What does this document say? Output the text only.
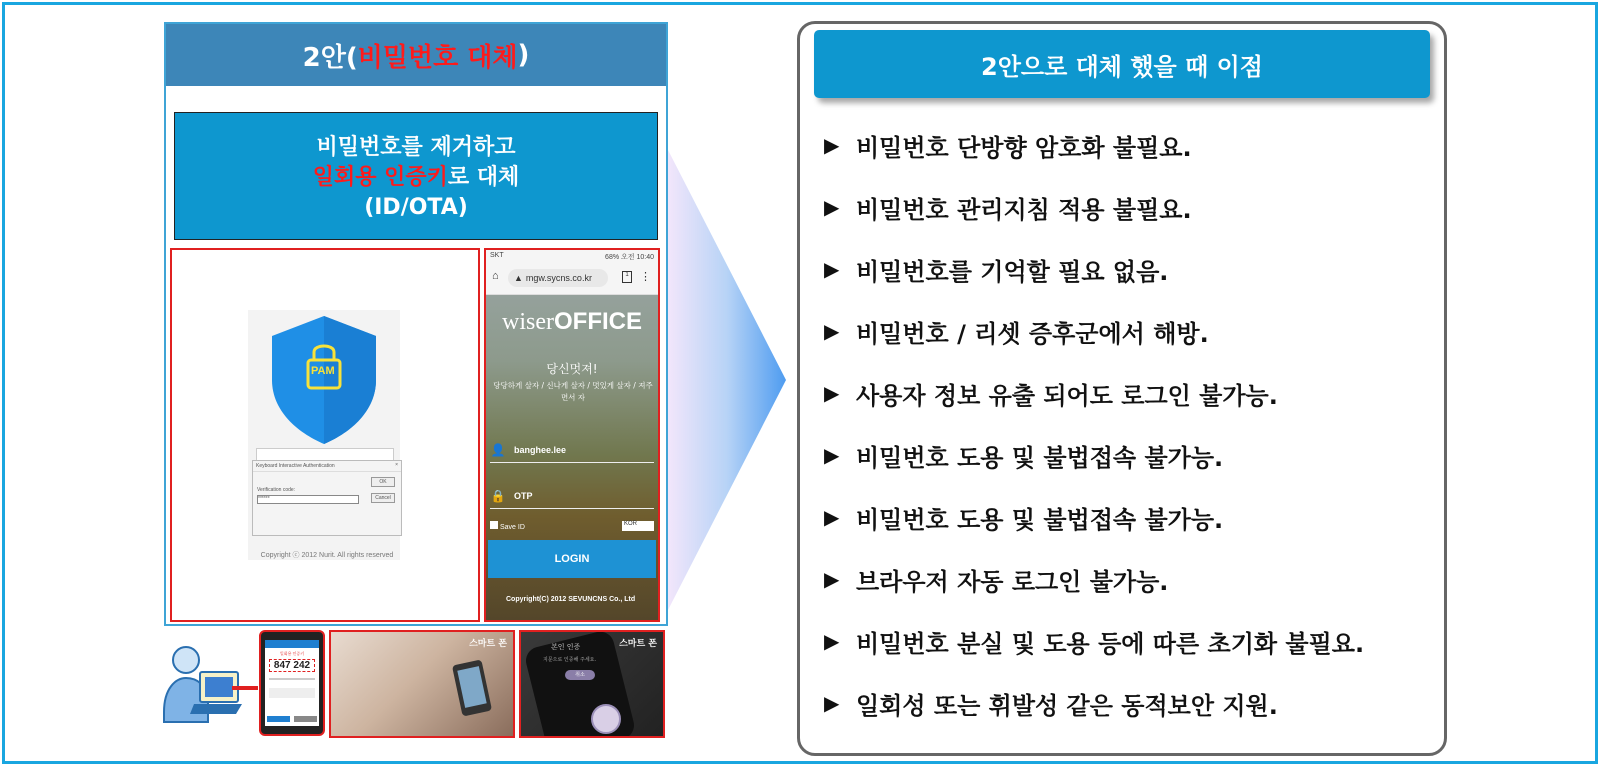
2안( 비밀번호 대체 )
비밀번호를 제거하고
일회용 인증키로 대체
(ID/OTA)
PAM
Keyboard Interactive Authentication	×
Verification code:
******
OK
Cancel
Copyright ⓒ 2012 Nurit. All rights reserved
SKT	68% 오전 10:40
⌂ ▲ mgw.sycns.co.kr	1	⋮
wiserOFFICE
당신멋져!
당당하게 살자 / 신나게 살자 / 멋있게 살자 / 져주면서 자
👤 banghee.lee
🔒 OTP
Save ID	KOR
LOGIN
Copyright(C) 2012 SEVUNCNS Co., Ltd
일회용 인증키
847 242
스마트 폰	본인 인증
지문으로 인증해 주세요.
취소
스마트 폰
2안으로 대체 했을 때 이점
▶ 비밀번호 단방향 암호화 불필요.
▶ 비밀번호 관리지침 적용 불필요.
▶ 비밀번호를 기억할 필요 없음.
▶ 비밀번호 / 리셋 증후군에서 해방.
▶ 사용자 정보 유출 되어도 로그인 불가능.
▶ 비밀번호 도용 및 불법접속 불가능.
▶ 비밀번호 도용 및 불법접속 불가능.
▶ 브라우저 자동 로그인 불가능.
▶ 비밀번호 분실 및 도용 등에 따른 초기화 불필요.
▶ 일회성 또는 휘발성 같은 동적보안 지원.
